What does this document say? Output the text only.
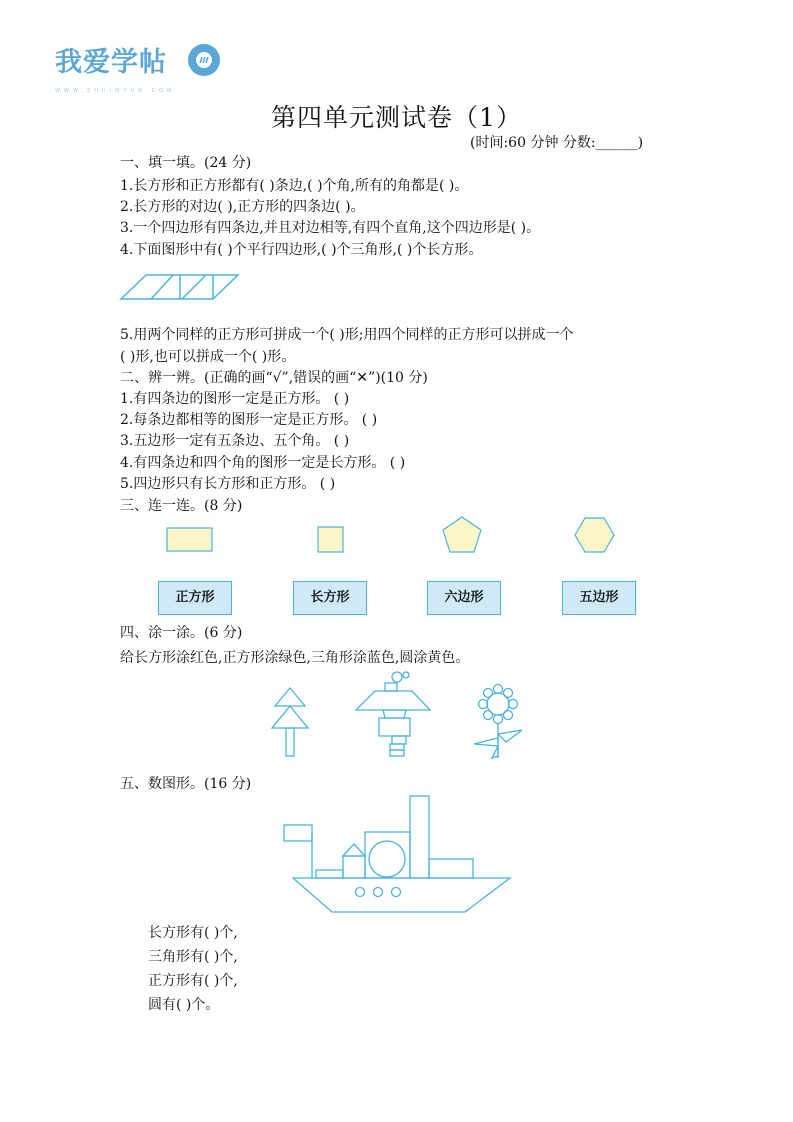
我爱学帖
WWW.ZHUIMYUN.COM
第四单元测试卷（1）
(时间:60 分钟 分数:______)
一、填一填。(24 分)
1.长方形和正方形都有( )条边,( )个角,所有的角都是( )。
2.长方形的对边( ),正方形的四条边( )。
3.一个四边形有四条边,并且对边相等,有四个直角,这个四边形是( )。
4.下面图形中有( )个平行四边形,( )个三角形,( )个长方形。
5.用两个同样的正方形可拼成一个( )形;用四个同样的正方形可以拼成一个
( )形,也可以拼成一个( )形。
二、辨一辨。(正确的画“√”,错误的画“✕”)(10 分)
1.有四条边的图形一定是正方形。 ( )
2.每条边都相等的图形一定是正方形。 ( )
3.五边形一定有五条边、五个角。 ( )
4.有四条边和四个角的图形一定是长方形。 ( )
5.四边形只有长方形和正方形。 ( )
三、连一连。(8 分)
正方形	长方形	六边形	五边形
四、涂一涂。(6 分)
给长方形涂红色,正方形涂绿色,三角形涂蓝色,圆涂黄色。
五、数图形。(16 分)
长方形有( )个,
三角形有( )个,
正方形有( )个,
圆有( )个。
